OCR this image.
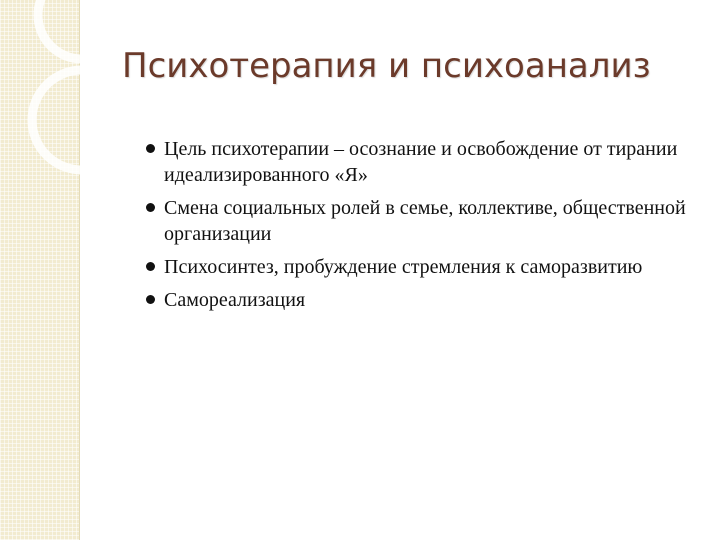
Психотерапия и психоанализ
Цель психотерапии – осознание и освобождение от тирании идеализированного «Я»
Смена социальных ролей в семье, коллективе, общественной организации
Психосинтез, пробуждение стремления к саморазвитию
Самореализация
